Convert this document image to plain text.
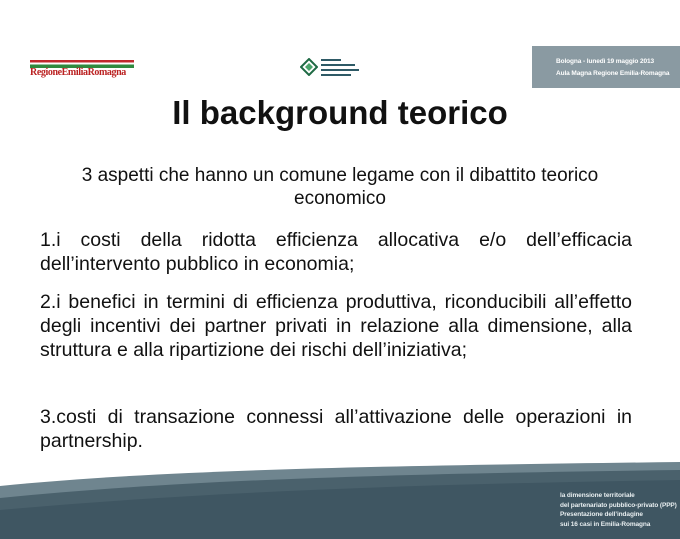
RegioneEmiliaRomagna
Bologna - lunedì 19 maggio 2013
Aula Magna Regione Emilia-Romagna
Il background teorico
3 aspetti che hanno un comune legame con il dibattito teorico economico
1.i costi della ridotta efficienza allocativa e/o dell’efficacia dell’intervento pubblico in economia;
2.i benefici in termini di efficienza produttiva, riconducibili all’effetto degli incentivi dei partner privati in relazione alla dimensione, alla struttura e alla ripartizione dei rischi dell’iniziativa;
3.costi di transazione connessi all’attivazione delle operazioni in partnership.
la dimensione territoriale
del partenariato pubblico-privato (PPP)
Presentazione dell’indagine
sui 16 casi in Emilia-Romagna
